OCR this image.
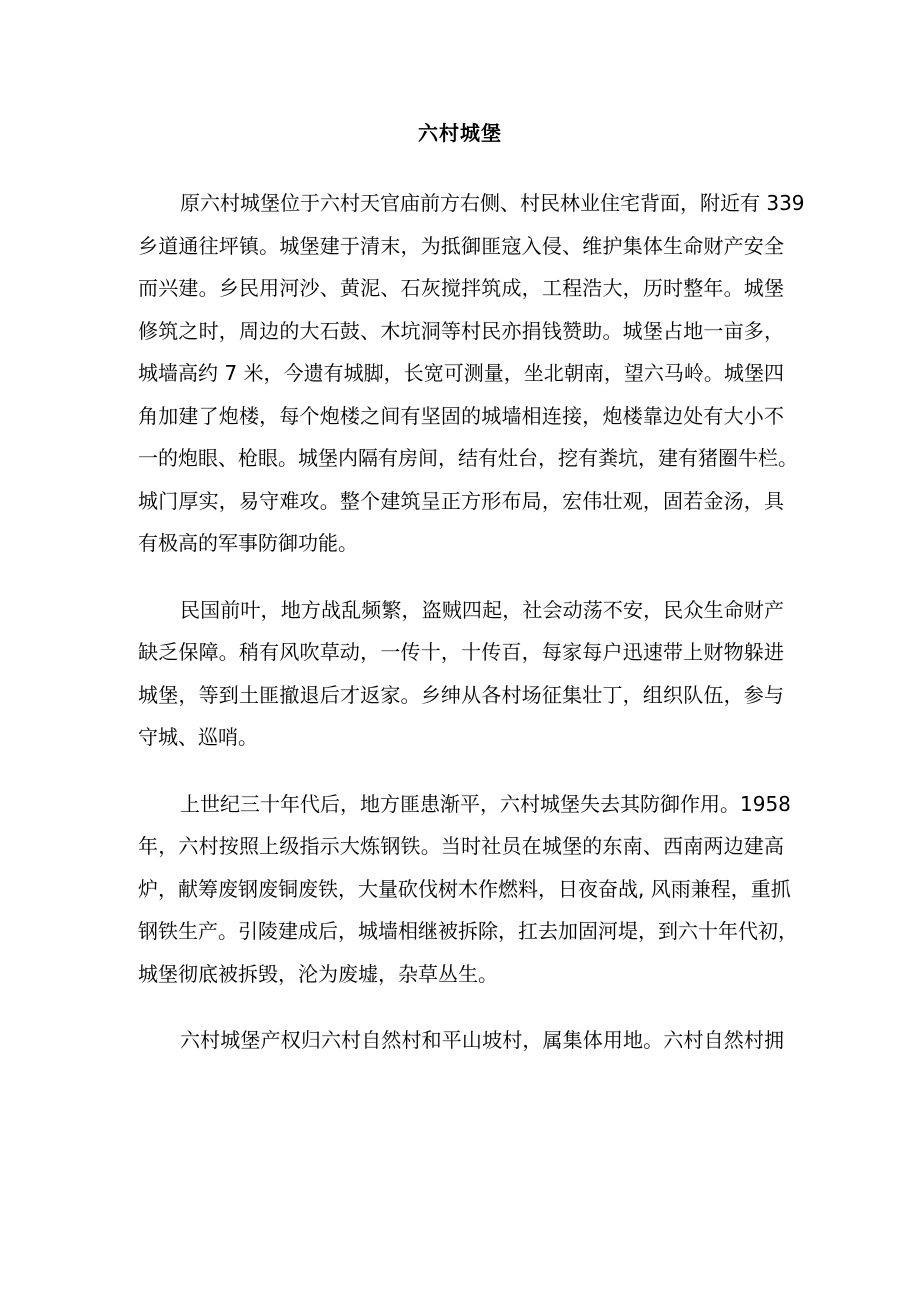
六村城堡

原六村城堡位于六村天官庙前方右侧、村民林业住宅背面，附近有 339
乡道通往坪镇。城堡建于清末，为抵御匪寇入侵、维护集体生命财产安全
而兴建。乡民用河沙、黄泥、石灰搅拌筑成，工程浩大，历时整年。城堡
修筑之时，周边的大石鼓、木坑洞等村民亦捐钱赞助。城堡占地一亩多，
城墙高约 7 米，今遗有城脚，长宽可测量，坐北朝南，望六马岭。城堡四
角加建了炮楼，每个炮楼之间有坚固的城墙相连接，炮楼靠边处有大小不
一的炮眼、枪眼。城堡内隔有房间，结有灶台，挖有粪坑，建有猪圈牛栏。
城门厚实，易守难攻。整个建筑呈正方形布局，宏伟壮观，固若金汤，具
有极高的军事防御功能。

民国前叶，地方战乱频繁，盗贼四起，社会动荡不安，民众生命财产
缺乏保障。稍有风吹草动，一传十，十传百，每家每户迅速带上财物躲进
城堡，等到土匪撤退后才返家。乡绅从各村场征集壮丁，组织队伍，参与
守城、巡哨。

上世纪三十年代后，地方匪患渐平，六村城堡失去其防御作用。1958
年，六村按照上级指示大炼钢铁。当时社员在城堡的东南、西南两边建高
炉，献筹废钢废铜废铁，大量砍伐树木作燃料，日夜奋战, 风雨兼程，重抓
钢铁生产。引陵建成后，城墙相继被拆除，扛去加固河堤，到六十年代初，
城堡彻底被拆毁，沦为废墟，杂草丛生。

六村城堡产权归六村自然村和平山坡村，属集体用地。六村自然村拥
